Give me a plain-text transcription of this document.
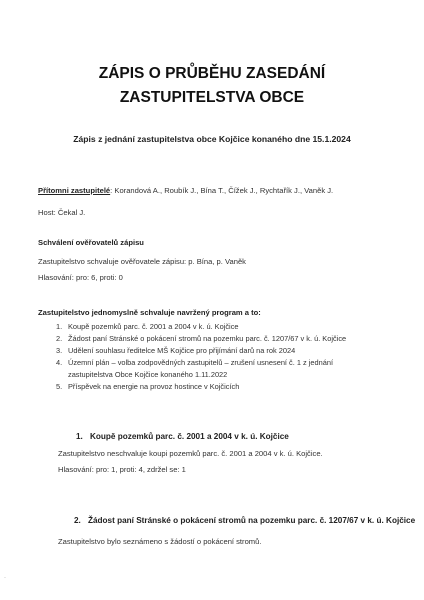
ZÁPIS O PRŮBĚHU ZASEDÁNÍ
ZASTUPITELSTVA OBCE
Zápis z jednání zastupitelstva obce Kojčice konaného dne 15.1.2024
Přítomni zastupitelé: Korandová A., Roubík J., Bína T., Čížek J., Rychtařík J., Vaněk J.
Host: Čekal J.
Schválení ověřovatelů zápisu
Zastupitelstvo schvaluje ověřovatele zápisu: p. Bína, p. Vaněk
Hlasování: pro: 6, proti: 0
Zastupitelstvo jednomyslně schvaluje navržený program a to:
1. Koupě pozemků parc. č. 2001 a 2004 v k. ú. Kojčice
2. Žádost paní Stránské o pokácení stromů na pozemku parc. č. 1207/67 v k. ú. Kojčice
3. Udělení souhlasu ředitelce MŠ Kojčice pro přijímání darů na rok 2024
4. Územní plán – volba zodpovědných zastupitelů – zrušení usnesení č. 1 z jednání
zastupitelstva Obce Kojčice konaného 1.11.2022
5. Příspěvek na energie na provoz hostince v Kojčicích
1. Koupě pozemků parc. č. 2001 a 2004 v k. ú. Kojčice
Zastupitelstvo neschvaluje koupi pozemků parc. č. 2001 a 2004 v k. ú. Kojčice.
Hlasování: pro: 1, proti: 4, zdržel se: 1
2. Žádost paní Stránské o pokácení stromů na pozemku parc. č. 1207/67 v k. ú. Kojčice
Zastupitelstvo bylo seznámeno s žádostí o pokácení stromů.
·
